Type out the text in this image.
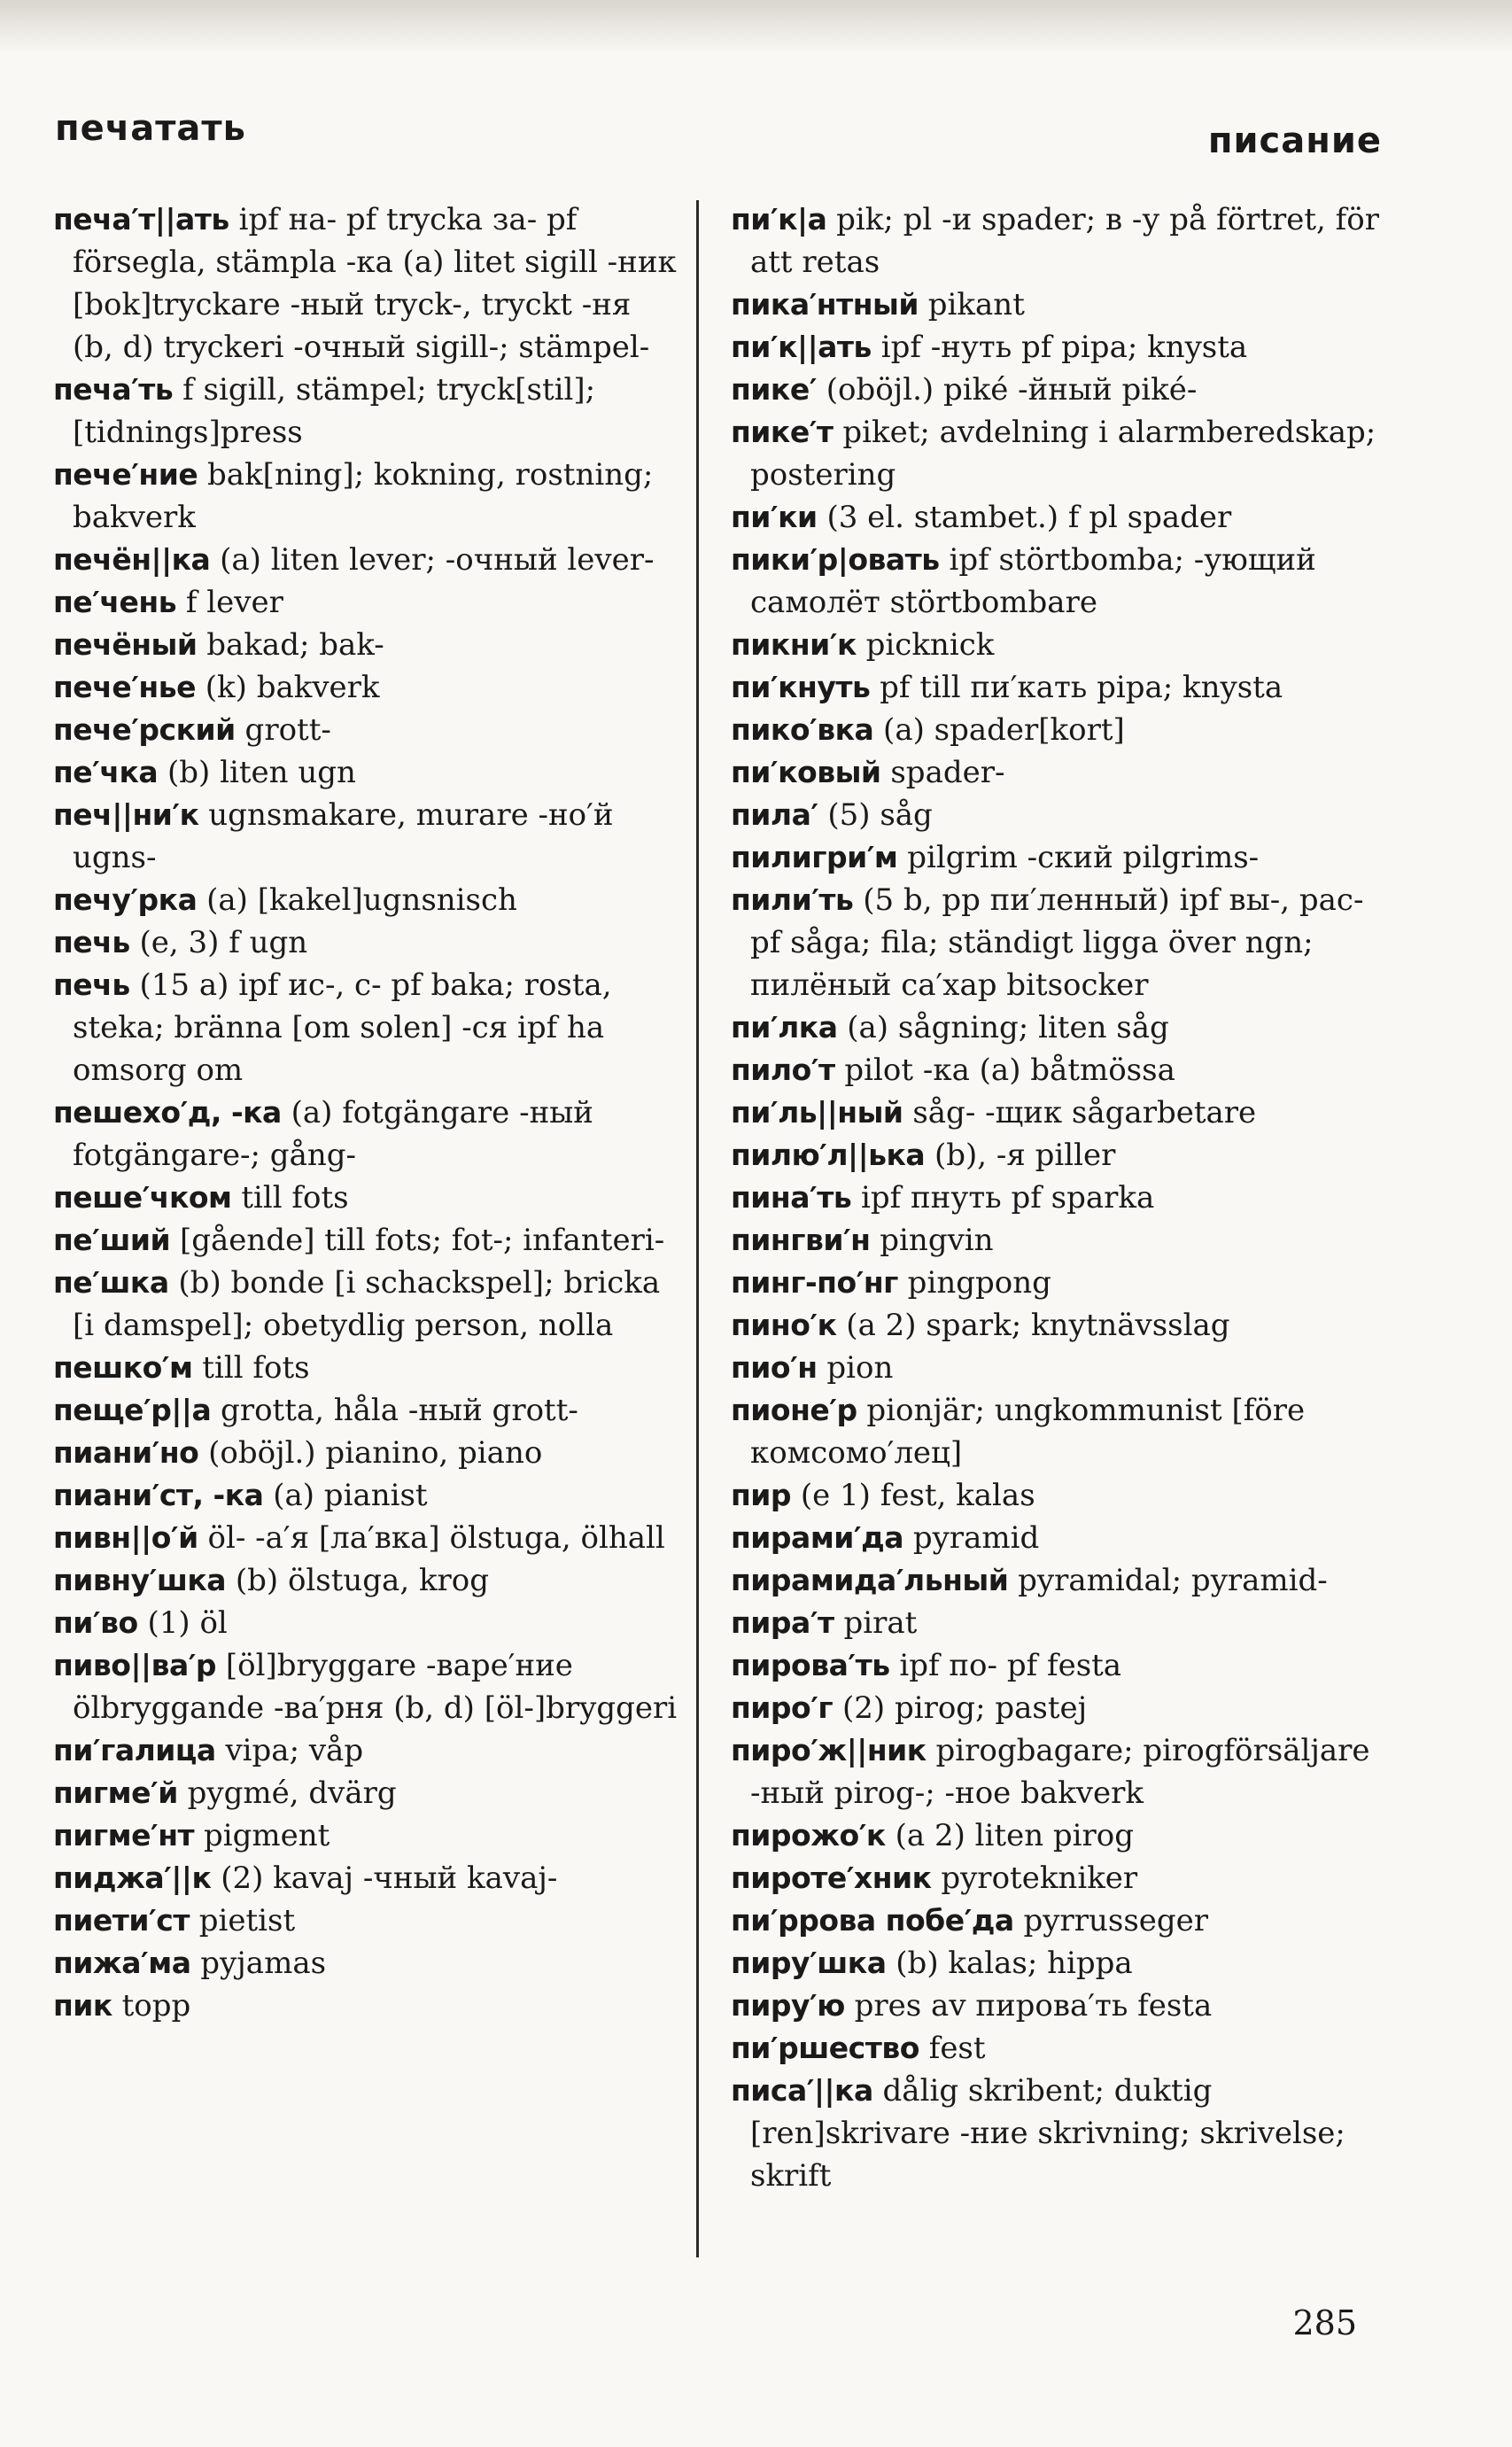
печатать	писание

печа′т||ать ipf на- pf trycka за- pf försegla, stämpla -ка (a) litet sigill -ник [bok]tryckare -ный tryck-, tryckt -ня (b, d) tryckeri -очный sigill-; stämpel-

печа′ть f sigill, stämpel; tryck[stil]; [tidnings]press

пече′ние bak[ning]; kokning, rostning; bakverk

печён||ка (a) liten lever; -очный lever-

пе′чень f lever

печёный bakad; bak-

пече′нье (k) bakverk

пече′рский grott-

пе′чка (b) liten ugn

печ||ни′к ugnsmakare, murare -но′й ugns-

печу′рка (a) [kakel]ugnsnisch

печь (e, 3) f ugn

печь (15 a) ipf ис-, с- pf baka; rosta, steka; bränna [om solen] -ся ipf ha omsorg om

пешехо′д, -ка (a) fotgängare -ный fotgängare-; gång-

пеше′чком till fots

пе′ший [gående] till fots; fot-; infanteri-

пе′шка (b) bonde [i schackspel]; bricka [i damspel]; obetydlig person, nolla

пешко′м till fots

пеще′р||а grotta, håla -ный grott-

пиани′но (oböjl.) pianino, piano

пиани′ст, -ка (a) pianist

пивн||о′й öl- -а′я [ла′вка] ölstuga, ölhall

пивну′шка (b) ölstuga, krog

пи′во (1) öl

пиво||ва′р [öl]bryggare -варе′ние ölbryggande -ва′рня (b, d) [öl-]bryggeri

пи′галица vipa; våp

пигме′й pygmé, dvärg

пигме′нт pigment

пиджа′||к (2) kavaj -чный kavaj-

пиети′ст pietist

пижа′ма pyjamas

пик topp

пи′к|а pik; pl -и spader; в -у på förtret, för att retas

пика′нтный pikant

пи′к||ать ipf -нуть pf pipa; knysta

пике′ (oböjl.) piké -йный piké-

пике′т piket; avdelning i alarmberedskap; postering

пи′ки (3 el. stambet.) f pl spader

пики′р|овать ipf störtbomba; -ующий самолёт störtbombare

пикни′к picknick

пи′кнуть pf till пи′кать pipa; knysta

пико′вка (a) spader[kort]

пи′ковый spader-

пила′ (5) såg

пилигри′м pilgrim -ский pilgrims-

пили′ть (5 b, pp пи′ленный) ipf вы-, рас- pf såga; fila; ständigt ligga över ngn; пилёный са′хар bitsocker

пи′лка (a) sågning; liten såg

пило′т pilot -ка (a) båtmössa

пи′ль||ный såg- -щик sågarbetare

пилю′л||ька (b), -я piller

пина′ть ipf пнуть pf sparka

пингви′н pingvin

пинг-по′нг pingpong

пино′к (a 2) spark; knytnävsslag

пио′н pion

пионе′р pionjär; ungkommunist [före комсомо′лец]

пир (e 1) fest, kalas

пирами′да pyramid

пирамида′льный pyramidal; pyramid-

пира′т pirat

пирова′ть ipf по- pf festa

пиро′г (2) pirog; pastej

пиро′ж||ник pirogbagare; pirogförsäljare -ный pirog-; -ное bakverk

пирожо′к (a 2) liten pirog

пироте′хник pyrotekniker

пи′ррова побе′да pyrrusseger

пиру′шка (b) kalas; hippa

пиру′ю pres av пирова′ть festa

пи′ршество fest

писа′||ка dålig skribent; duktig [ren]skrivare -ние skrivning; skrivelse; skrift

285
